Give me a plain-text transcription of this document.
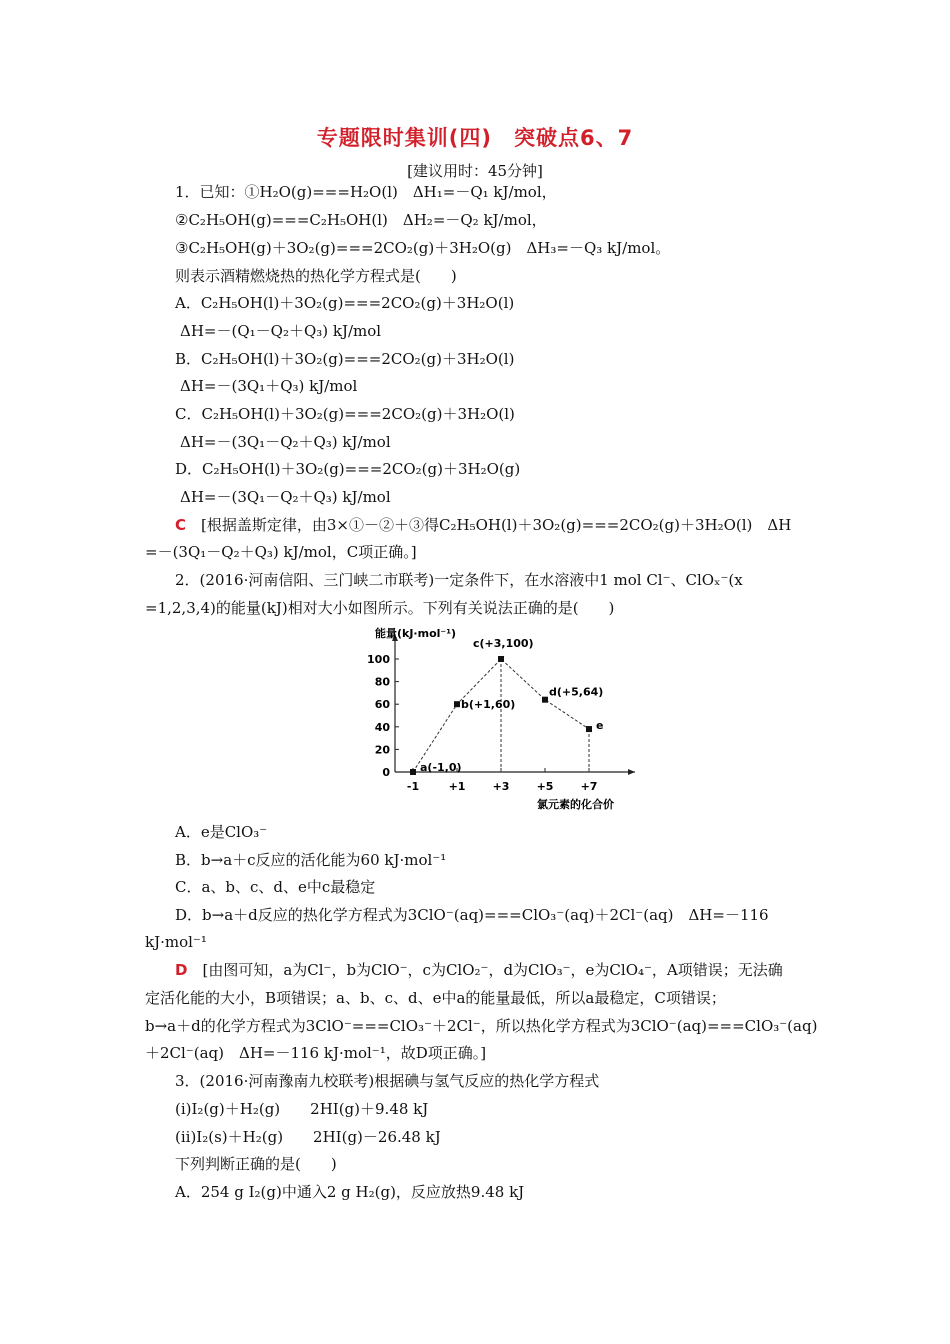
专题限时集训(四)　突破点6、7
[建议用时：45分钟]
1．已知：①H₂O(g)===H₂O(l)　ΔH₁=－Q₁ kJ/mol，
②C₂H₅OH(g)===C₂H₅OH(l)　ΔH₂=－Q₂ kJ/mol，
③C₂H₅OH(g)＋3O₂(g)===2CO₂(g)＋3H₂O(g)　ΔH₃=－Q₃ kJ/mol。
则表示酒精燃烧热的热化学方程式是(　　)
A．C₂H₅OH(l)＋3O₂(g)===2CO₂(g)＋3H₂O(l)
ΔH=－(Q₁－Q₂＋Q₃) kJ/mol
B．C₂H₅OH(l)＋3O₂(g)===2CO₂(g)＋3H₂O(l)
ΔH=－(3Q₁＋Q₃) kJ/mol
C．C₂H₅OH(l)＋3O₂(g)===2CO₂(g)＋3H₂O(l)
ΔH=－(3Q₁－Q₂＋Q₃) kJ/mol
D．C₂H₅OH(l)＋3O₂(g)===2CO₂(g)＋3H₂O(g)
ΔH=－(3Q₁－Q₂＋Q₃) kJ/mol
C　 [根据盖斯定律，由3×①－②＋③得C₂H₅OH(l)＋3O₂(g)===2CO₂(g)＋3H₂O(l)　ΔH
=－(3Q₁－Q₂＋Q₃) kJ/mol，C项正确。]
2．(2016·河南信阳、三门峡二市联考)一定条件下，在水溶液中1 mol Cl⁻、ClOₓ⁻(x
=1,2,3,4)的能量(kJ)相对大小如图所示。下列有关说法正确的是(　　)
0
20
40
60
80
100
-1	+1 +3 +5 +7
能量(kJ·mol⁻¹)
氯元素的化合价
a(-1,0)
b(+1,60)
c(+3,100)
d(+5,64)
e
A．e是ClO₃⁻
B．b→a＋c反应的活化能为60 kJ·mol⁻¹
C．a、b、c、d、e中c最稳定
D．b→a＋d反应的热化学方程式为3ClO⁻(aq)===ClO₃⁻(aq)＋2Cl⁻(aq)　ΔH=－116
kJ·mol⁻¹
D　 [由图可知，a为Cl⁻，b为ClO⁻，c为ClO₂⁻，d为ClO₃⁻，e为ClO₄⁻，A项错误；无法确
定活化能的大小，B项错误；a、b、c、d、e中a的能量最低，所以a最稳定，C项错误；
b→a＋d的化学方程式为3ClO⁻===ClO₃⁻＋2Cl⁻，所以热化学方程式为3ClO⁻(aq)===ClO₃⁻(aq)
＋2Cl⁻(aq)　ΔH=－116 kJ·mol⁻¹，故D项正确。]
3．(2016·河南豫南九校联考)根据碘与氢气反应的热化学方程式
(ⅰ)I₂(g)＋H₂(g)　　2HI(g)＋9.48 kJ
(ⅱ)I₂(s)＋H₂(g)　　2HI(g)－26.48 kJ
下列判断正确的是(　　)
A．254 g I₂(g)中通入2 g H₂(g)，反应放热9.48 kJ
